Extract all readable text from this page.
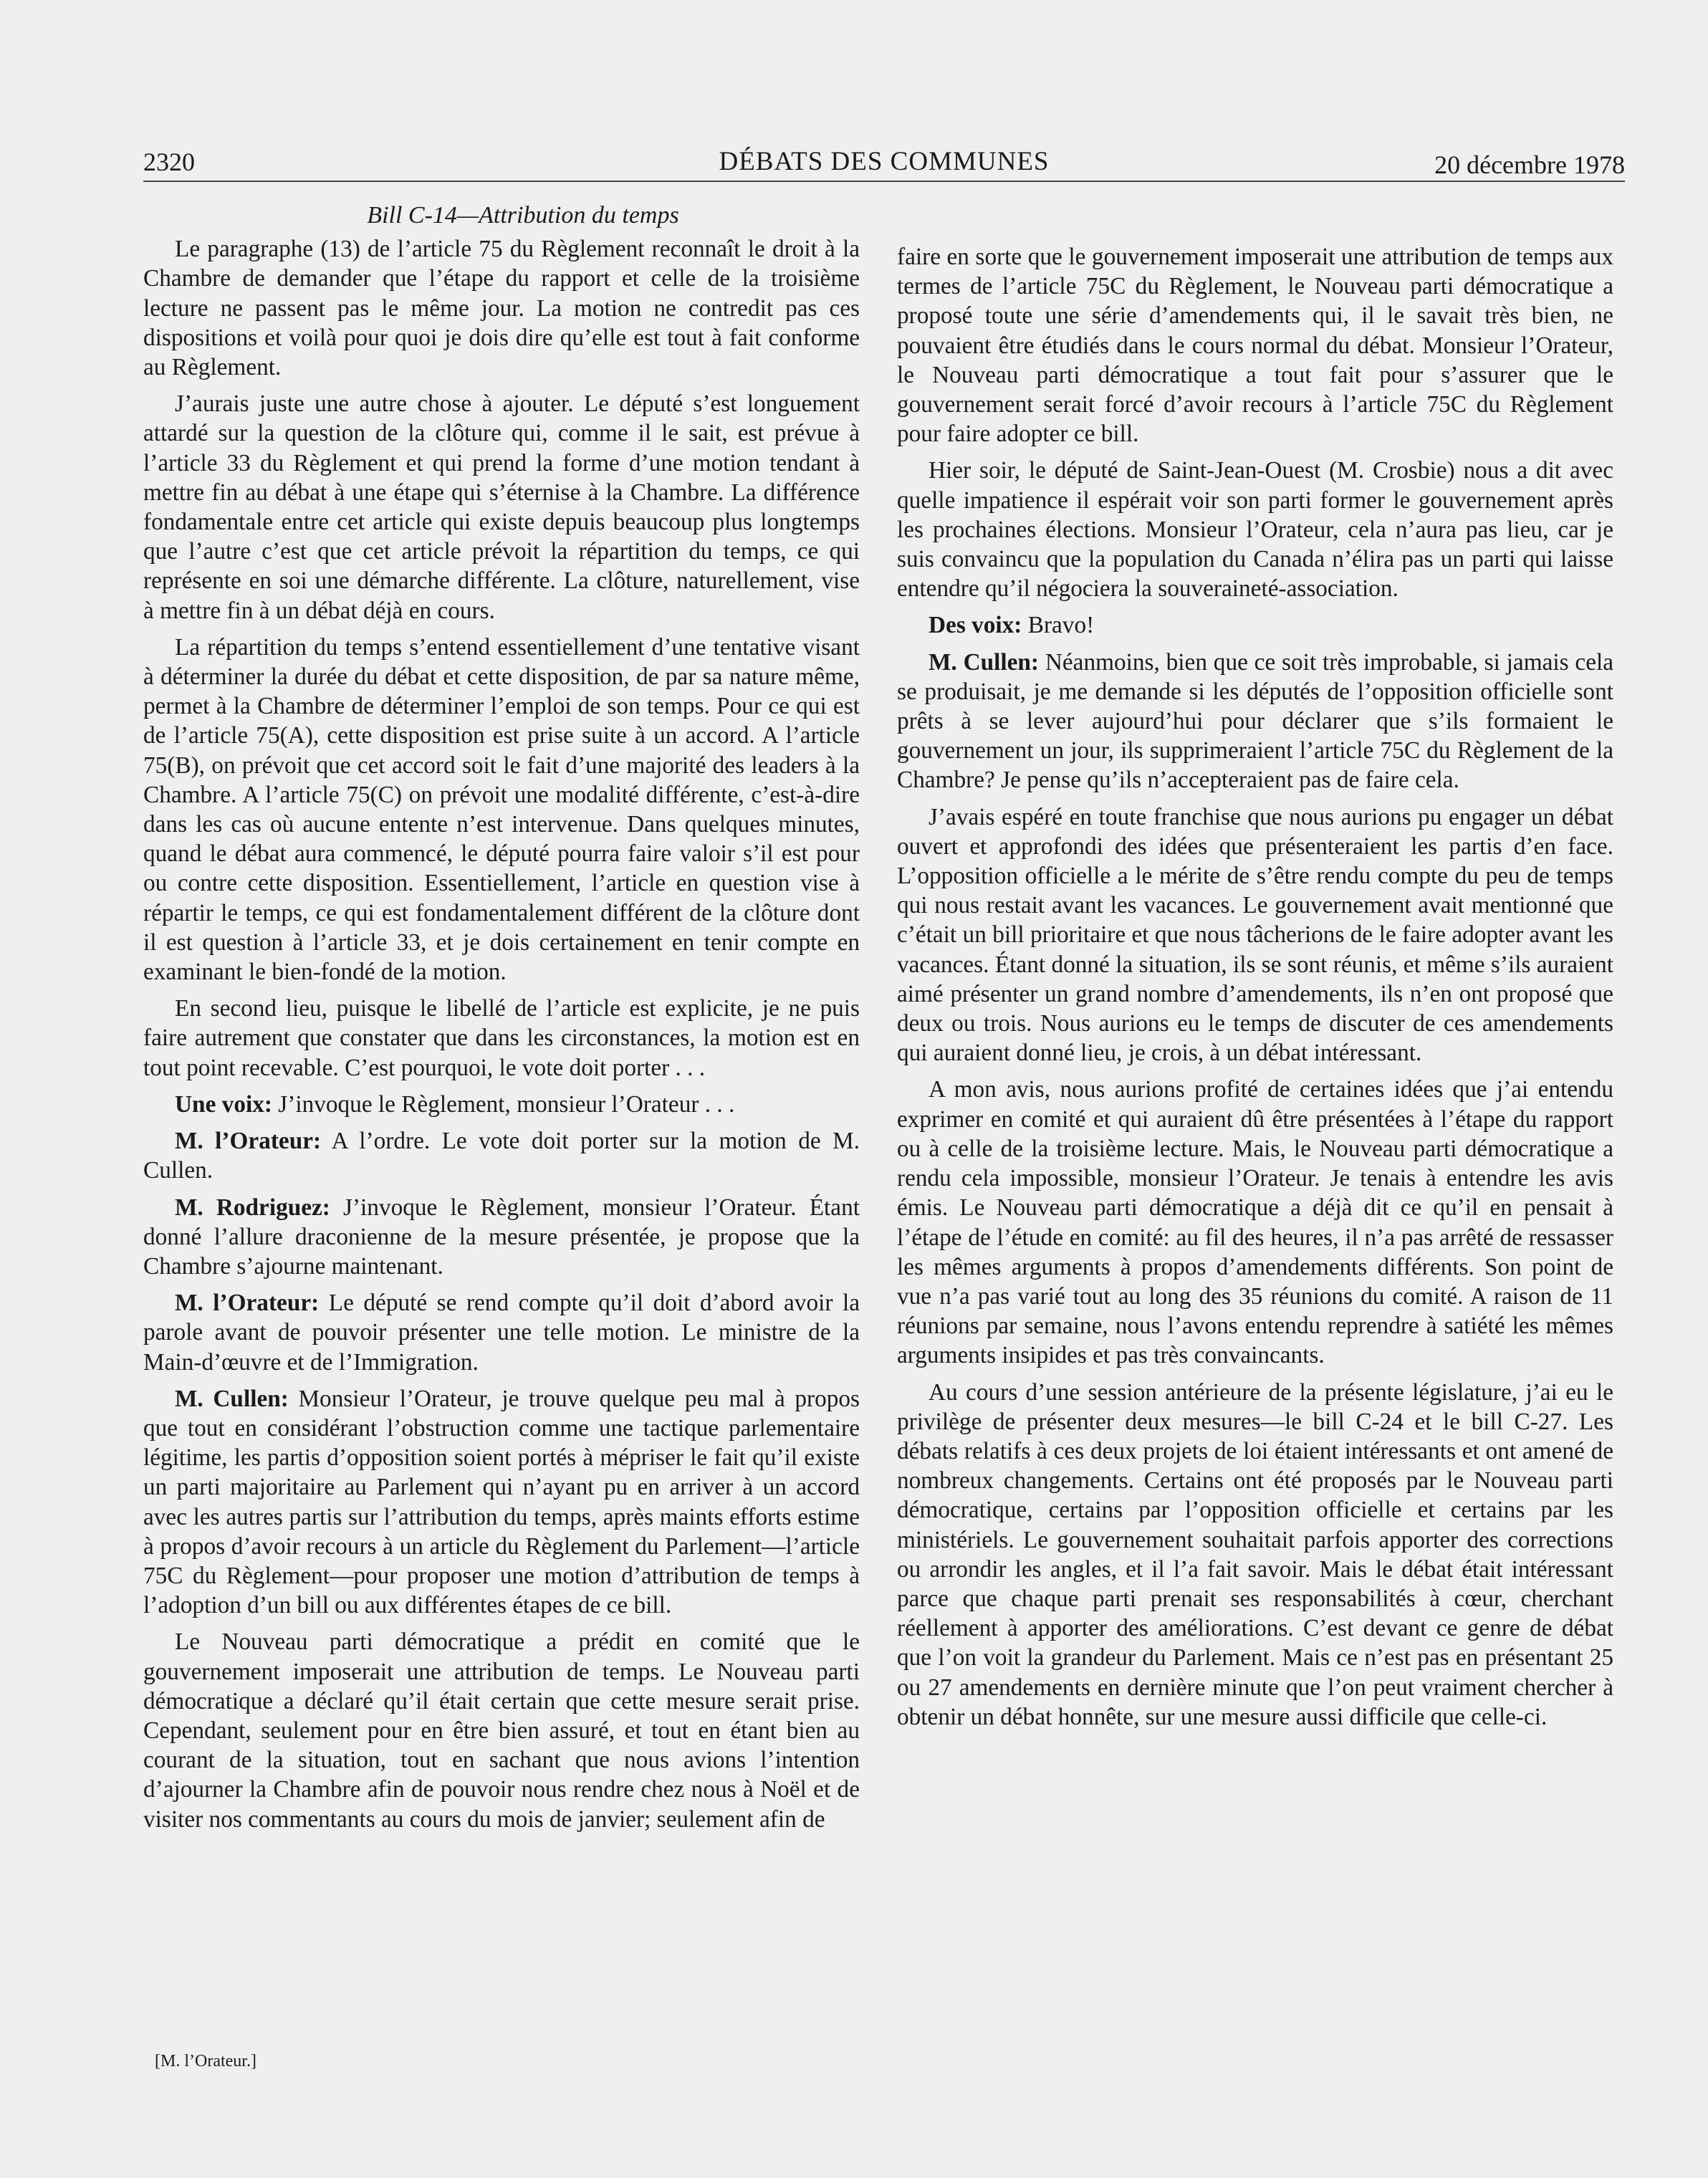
2320	DÉBATS DES COMMUNES	20 décembre 1978
Bill C-14—Attribution du temps

Le paragraphe (13) de l’article 75 du Règlement reconnaît le droit à la Chambre de demander que l’étape du rapport et celle de la troisième lecture ne passent pas le même jour. La motion ne contredit pas ces dispositions et voilà pour quoi je dois dire qu’elle est tout à fait conforme au Règlement.

J’aurais juste une autre chose à ajouter. Le député s’est longuement attardé sur la question de la clôture qui, comme il le sait, est prévue à l’article 33 du Règlement et qui prend la forme d’une motion tendant à mettre fin au débat à une étape qui s’éternise à la Chambre. La différence fondamentale entre cet article qui existe depuis beaucoup plus longtemps que l’autre c’est que cet article prévoit la répartition du temps, ce qui représente en soi une démarche différente. La clôture, naturellement, vise à mettre fin à un débat déjà en cours.

La répartition du temps s’entend essentiellement d’une tentative visant à déterminer la durée du débat et cette disposition, de par sa nature même, permet à la Chambre de déterminer l’emploi de son temps. Pour ce qui est de l’article 75(A), cette disposition est prise suite à un accord. A l’article 75(B), on prévoit que cet accord soit le fait d’une majorité des leaders à la Chambre. A l’article 75(C) on prévoit une modalité différente, c’est-à-dire dans les cas où aucune entente n’est intervenue. Dans quelques minutes, quand le débat aura commencé, le député pourra faire valoir s’il est pour ou contre cette disposition. Essentiellement, l’article en question vise à répartir le temps, ce qui est fondamentalement différent de la clôture dont il est question à l’article 33, et je dois certainement en tenir compte en examinant le bien-fondé de la motion.

En second lieu, puisque le libellé de l’article est explicite, je ne puis faire autrement que constater que dans les circonstances, la motion est en tout point recevable. C’est pourquoi, le vote doit porter . . .

Une voix: J’invoque le Règlement, monsieur l’Orateur . . .

M. l’Orateur: A l’ordre. Le vote doit porter sur la motion de M. Cullen.

M. Rodriguez: J’invoque le Règlement, monsieur l’Orateur. Étant donné l’allure draconienne de la mesure présentée, je propose que la Chambre s’ajourne maintenant.

M. l’Orateur: Le député se rend compte qu’il doit d’abord avoir la parole avant de pouvoir présenter une telle motion. Le ministre de la Main-d’œuvre et de l’Immigration.

M. Cullen: Monsieur l’Orateur, je trouve quelque peu mal à propos que tout en considérant l’obstruction comme une tactique parlementaire légitime, les partis d’opposition soient portés à mépriser le fait qu’il existe un parti majoritaire au Parlement qui n’ayant pu en arriver à un accord avec les autres partis sur l’attribution du temps, après maints efforts estime à propos d’avoir recours à un article du Règlement du Parlement—l’article 75C du Règlement—pour proposer une motion d’attribution de temps à l’adoption d’un bill ou aux différentes étapes de ce bill.

Le Nouveau parti démocratique a prédit en comité que le gouvernement imposerait une attribution de temps. Le Nouveau parti démocratique a déclaré qu’il était certain que cette mesure serait prise. Cependant, seulement pour en être bien assuré, et tout en étant bien au courant de la situation, tout en sachant que nous avions l’intention d’ajourner la Chambre afin de pouvoir nous rendre chez nous à Noël et de visiter nos commentants au cours du mois de janvier; seulement afin de

faire en sorte que le gouvernement imposerait une attribution de temps aux termes de l’article 75C du Règlement, le Nouveau parti démocratique a proposé toute une série d’amendements qui, il le savait très bien, ne pouvaient être étudiés dans le cours normal du débat. Monsieur l’Orateur, le Nouveau parti démocratique a tout fait pour s’assurer que le gouvernement serait forcé d’avoir recours à l’article 75C du Règlement pour faire adopter ce bill.

Hier soir, le député de Saint-Jean-Ouest (M. Crosbie) nous a dit avec quelle impatience il espérait voir son parti former le gouvernement après les prochaines élections. Monsieur l’Orateur, cela n’aura pas lieu, car je suis convaincu que la population du Canada n’élira pas un parti qui laisse entendre qu’il négociera la souveraineté-association.

Des voix: Bravo!

M. Cullen: Néanmoins, bien que ce soit très improbable, si jamais cela se produisait, je me demande si les députés de l’opposition officielle sont prêts à se lever aujourd’hui pour déclarer que s’ils formaient le gouvernement un jour, ils supprimeraient l’article 75C du Règlement de la Chambre? Je pense qu’ils n’accepteraient pas de faire cela.

J’avais espéré en toute franchise que nous aurions pu engager un débat ouvert et approfondi des idées que présenteraient les partis d’en face. L’opposition officielle a le mérite de s’être rendu compte du peu de temps qui nous restait avant les vacances. Le gouvernement avait mentionné que c’était un bill prioritaire et que nous tâcherions de le faire adopter avant les vacances. Étant donné la situation, ils se sont réunis, et même s’ils auraient aimé présenter un grand nombre d’amendements, ils n’en ont proposé que deux ou trois. Nous aurions eu le temps de discuter de ces amendements qui auraient donné lieu, je crois, à un débat intéressant.

A mon avis, nous aurions profité de certaines idées que j’ai entendu exprimer en comité et qui auraient dû être présentées à l’étape du rapport ou à celle de la troisième lecture. Mais, le Nouveau parti démocratique a rendu cela impossible, monsieur l’Orateur. Je tenais à entendre les avis émis. Le Nouveau parti démocratique a déjà dit ce qu’il en pensait à l’étape de l’étude en comité: au fil des heures, il n’a pas arrêté de ressasser les mêmes arguments à propos d’amendements différents. Son point de vue n’a pas varié tout au long des 35 réunions du comité. A raison de 11 réunions par semaine, nous l’avons entendu reprendre à satiété les mêmes arguments insipides et pas très convaincants.

Au cours d’une session antérieure de la présente législature, j’ai eu le privilège de présenter deux mesures—le bill C-24 et le bill C-27. Les débats relatifs à ces deux projets de loi étaient intéressants et ont amené de nombreux changements. Certains ont été proposés par le Nouveau parti démocratique, certains par l’opposition officielle et certains par les ministériels. Le gouvernement souhaitait parfois apporter des corrections ou arrondir les angles, et il l’a fait savoir. Mais le débat était intéressant parce que chaque parti prenait ses responsabilités à cœur, cherchant réellement à apporter des améliorations. C’est devant ce genre de débat que l’on voit la grandeur du Parlement. Mais ce n’est pas en présentant 25 ou 27 amendements en dernière minute que l’on peut vraiment chercher à obtenir un débat honnête, sur une mesure aussi difficile que celle-ci.

[M. l’Orateur.]
